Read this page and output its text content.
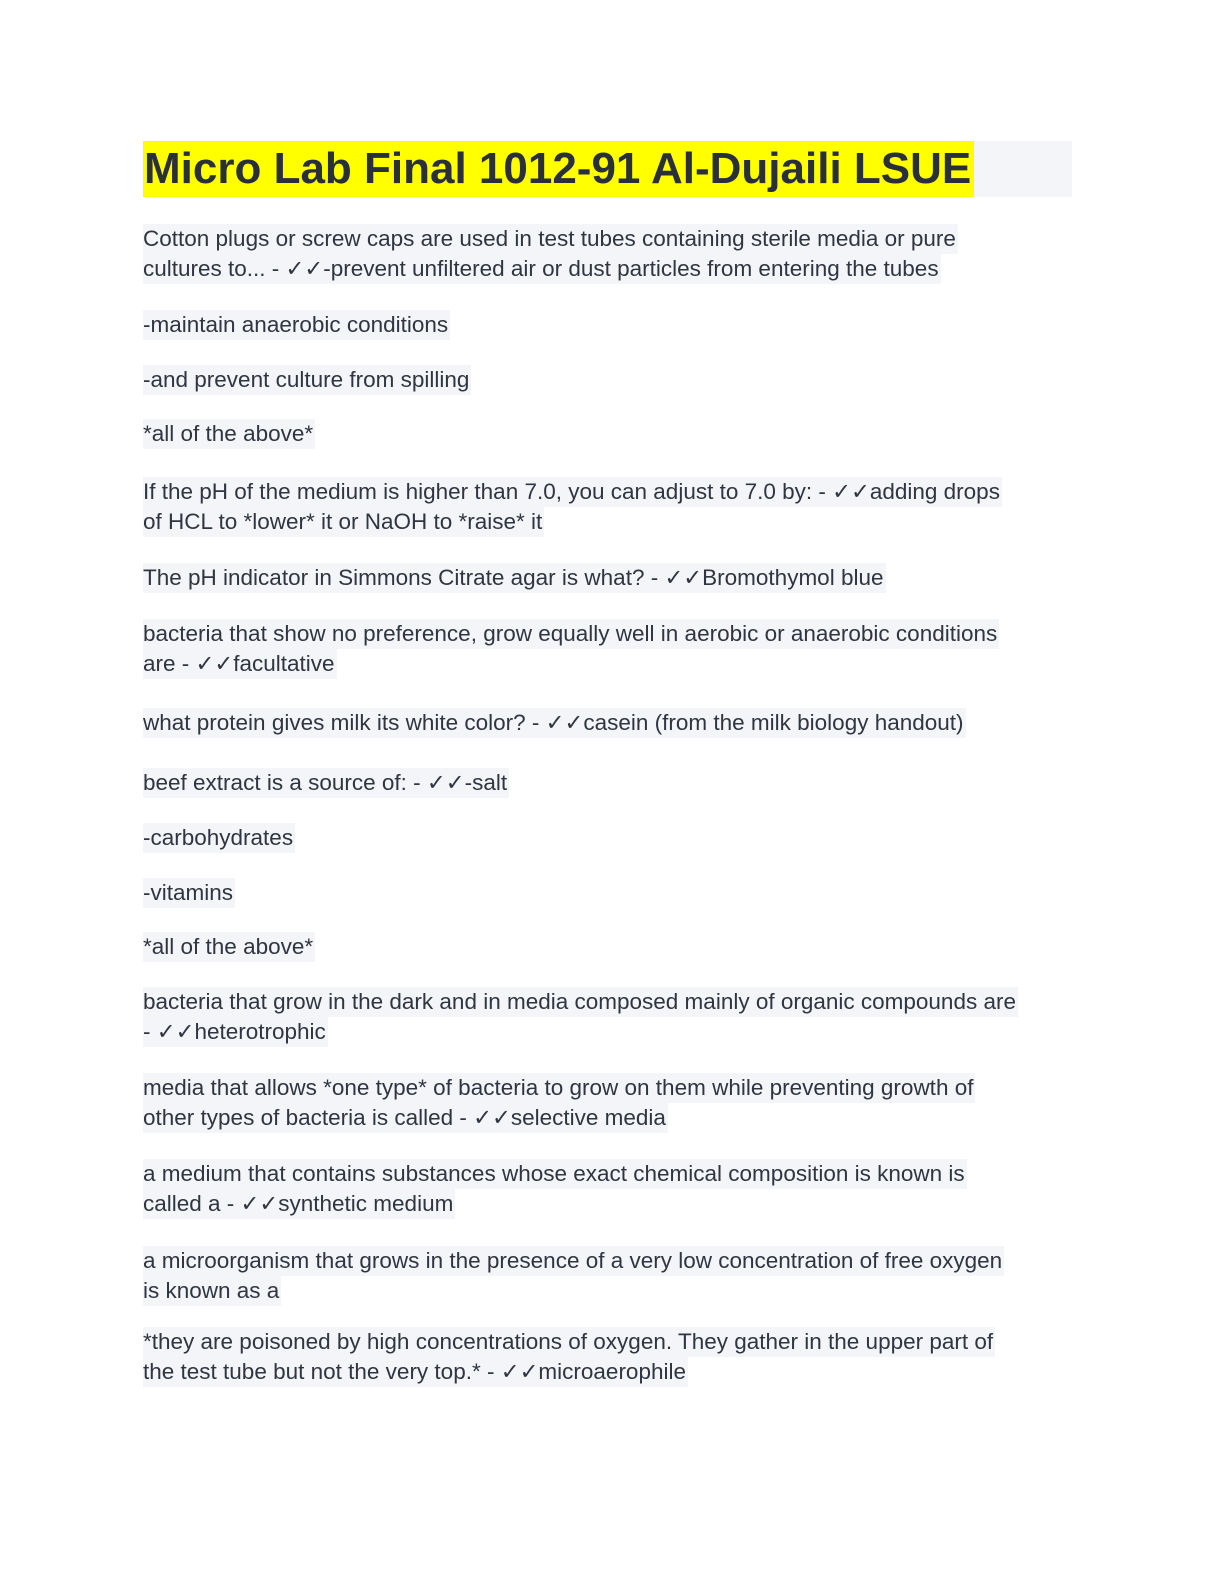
Micro Lab Final 1012-91 Al-Dujaili LSUE
Cotton plugs or screw caps are used in test tubes containing sterile media or pure
cultures to... - ✓✓-prevent unfiltered air or dust particles from entering the tubes
-maintain anaerobic conditions
-and prevent culture from spilling
*all of the above*
If the pH of the medium is higher than 7.0, you can adjust to 7.0 by: - ✓✓adding drops
of HCL to *lower* it or NaOH to *raise* it
The pH indicator in Simmons Citrate agar is what? - ✓✓Bromothymol blue
bacteria that show no preference, grow equally well in aerobic or anaerobic conditions
are - ✓✓facultative
what protein gives milk its white color? - ✓✓casein (from the milk biology handout)
beef extract is a source of: - ✓✓-salt
-carbohydrates
-vitamins
*all of the above*
bacteria that grow in the dark and in media composed mainly of organic compounds are
- ✓✓heterotrophic
media that allows *one type* of bacteria to grow on them while preventing growth of
other types of bacteria is called - ✓✓selective media
a medium that contains substances whose exact chemical composition is known is
called a - ✓✓synthetic medium
a microorganism that grows in the presence of a very low concentration of free oxygen
is known as a
*they are poisoned by high concentrations of oxygen. They gather in the upper part of
the test tube but not the very top.* - ✓✓microaerophile
